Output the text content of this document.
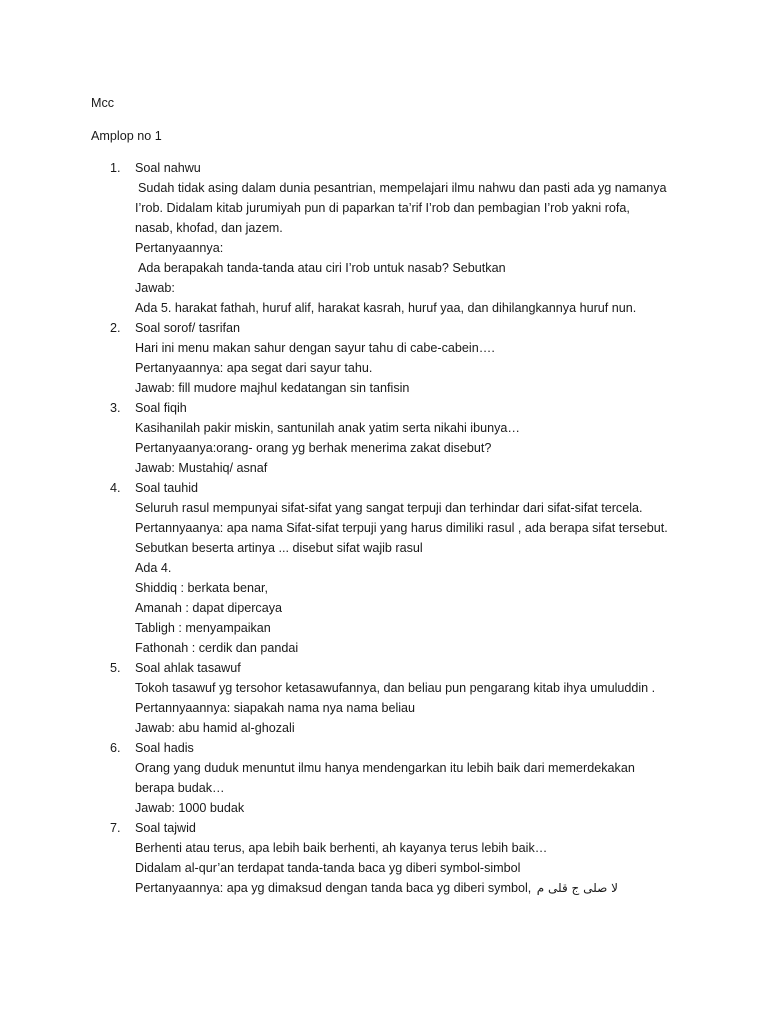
Mcc
Amplop no 1
1. Soal nahwu
Sudah tidak asing dalam dunia pesantrian, mempelajari ilmu nahwu dan pasti ada yg namanya
I’rob. Didalam kitab jurumiyah pun di paparkan ta’rif I’rob dan pembagian I’rob yakni rofa,
nasab, khofad, dan jazem.
Pertanyaannya:
Ada berapakah tanda-tanda atau ciri I’rob untuk nasab? Sebutkan
Jawab:
Ada 5. harakat fathah, huruf alif, harakat kasrah, huruf yaa, dan dihilangkannya huruf nun.
2. Soal sorof/ tasrifan
Hari ini menu makan sahur dengan sayur tahu di cabe-cabein….
Pertanyaannya: apa segat dari sayur tahu.
Jawab: fill mudore majhul kedatangan sin tanfisin
3. Soal fiqih
Kasihanilah pakir miskin, santunilah anak yatim serta nikahi ibunya…
Pertanyaanya:orang- orang yg berhak menerima zakat disebut?
Jawab: Mustahiq/ asnaf
4. Soal tauhid
Seluruh rasul mempunyai sifat-sifat yang sangat terpuji dan terhindar dari sifat-sifat tercela.
Pertannyaanya: apa nama Sifat-sifat terpuji yang harus dimiliki rasul , ada berapa sifat tersebut.
Sebutkan beserta artinya ... disebut sifat wajib rasul
Ada 4.
Shiddiq : berkata benar,
Amanah : dapat dipercaya
Tabligh : menyampaikan
Fathonah : cerdik dan pandai
5. Soal ahlak tasawuf
Tokoh tasawuf yg tersohor ketasawufannya, dan beliau pun pengarang kitab ihya umuluddin .
Pertannyaannya: siapakah nama nya nama beliau
Jawab: abu hamid al-ghozali
6. Soal hadis
Orang yang duduk menuntut ilmu hanya mendengarkan itu lebih baik dari memerdekakan
berapa budak…
Jawab: 1000 budak
7. Soal tajwid
Berhenti atau terus, apa lebih baik berhenti, ah kayanya terus lebih baik…
Didalam al-qur’an terdapat tanda-tanda baca yg diberi symbol-simbol
Pertanyaannya: apa yg dimaksud dengan tanda baca yg diberi symbol, لا صلى ج قلى م
